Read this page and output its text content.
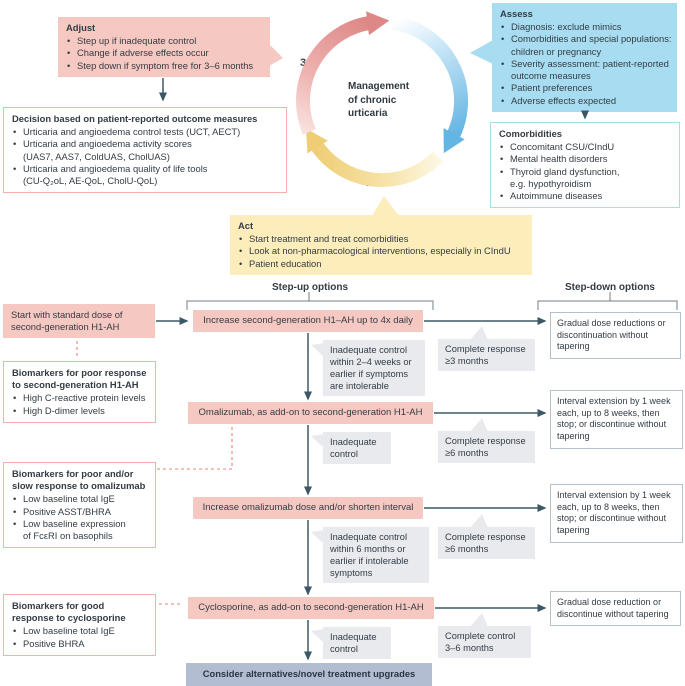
Adjust
• Step up if inadequate control
• Change if adverse effects occur
• Step down if symptom free for 3–6 months
Decision based on patient-reported outcome measures
• Urticaria and angioedema control tests (UCT, AECT)
• Urticaria and angioedema activity scores
(UAS7, AAS7, ColdUAS, CholUAS)
• Urticaria and angioedema quality of life tools
(CU-Q₂oL, AE-QoL, CholU-QoL)
Assess
• Diagnosis: exclude mimics
• Comorbidities and special populations:
children or pregnancy
• Severity assessment: patient-reported
outcome measures
• Patient preferences
• Adverse effects expected
Comorbidities
• Concomitant CSU/CIndU
• Mental health disorders
• Thyroid gland dysfunction,
e.g. hypothyroidism
• Autoimmune diseases
Act
• Start treatment and treat comorbidities
• Look at non-pharmacological interventions, especially in CIndU
• Patient education
Management of chronic urticaria
1
2
3
Step-up options	Step-down options
Start with standard dose of second-generation H1-AH
Increase second-generation H1–AH up to 4x daily
Omalizumab, as add-on to second-generation H1-AH
Increase omalizumab dose and/or shorten interval
Cyclosporine, as add-on to second-generation H1-AH
Inadequate control within 2–4 weeks or earlier if symptoms are intolerable
Inadequate control
Inadequate control within 6 months or earlier if intolerable symptoms
Inadequate control
Complete response ≥3 months
Complete response ≥6 months
Complete response ≥6 months
Complete control 3–6 months
Gradual dose reductions or discontinuation without tapering
Interval extension by 1 week each, up to 8 weeks, then stop; or discontinue without tapering
Interval extension by 1 week each, up to 8 weeks, then stop; or discontinue without tapering
Gradual dose reduction or discontinue without tapering
Biomarkers for poor response to second-generation H1-AH
• High C-reactive protein levels
• High D-dimer levels
Biomarkers for poor and/or slow response to omalizumab
• Low baseline total IgE
• Positive ASST/BHRA
• Low baseline expression
of FcεRI on basophils
Biomarkers for good response to cyclosporine
• Low baseline total IgE
• Positive BHRA
Consider alternatives/novel treatment upgrades
